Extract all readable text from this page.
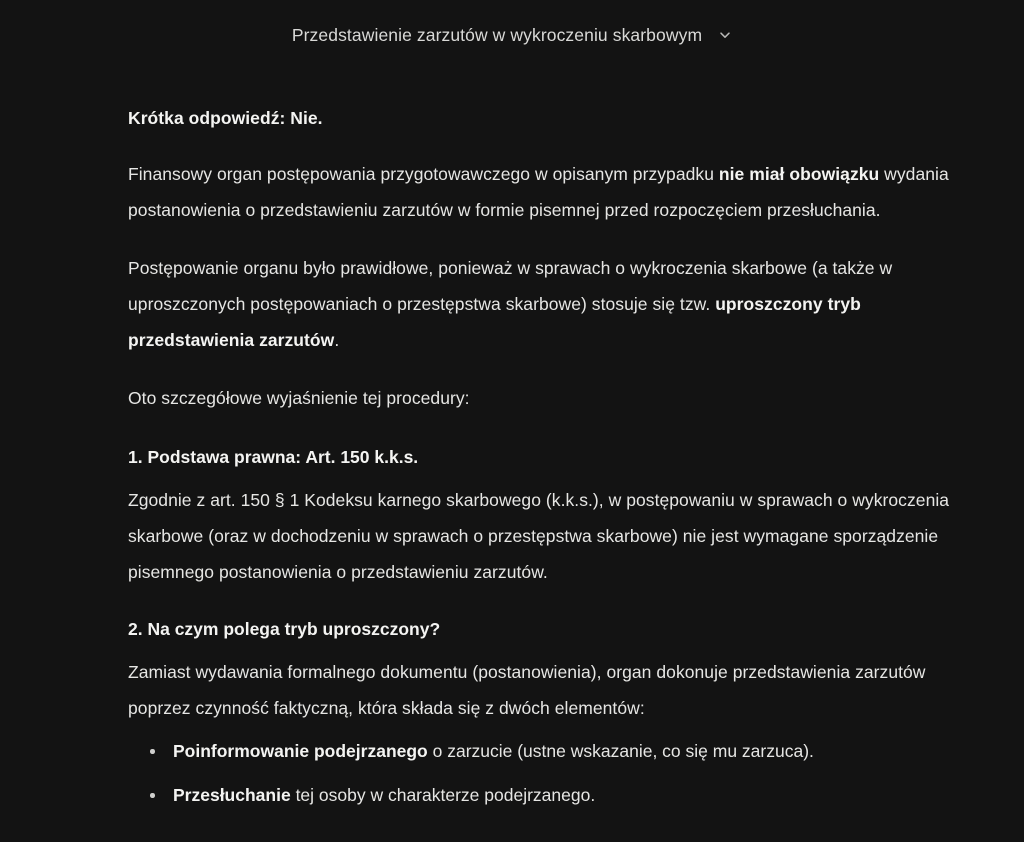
Przedstawienie zarzutów w wykroczeniu skarbowym

Krótka odpowiedź: Nie.

Finansowy organ postępowania przygotowawczego w opisanym przypadku nie miał obowiązku wydania postanowienia o przedstawieniu zarzutów w formie pisemnej przed rozpoczęciem przesłuchania.

Postępowanie organu było prawidłowe, ponieważ w sprawach o wykroczenia skarbowe (a także w uproszczonych postępowaniach o przestępstwa skarbowe) stosuje się tzw. uproszczony tryb przedstawienia zarzutów.

Oto szczegółowe wyjaśnienie tej procedury:

1. Podstawa prawna: Art. 150 k.k.s.

Zgodnie z art. 150 § 1 Kodeksu karnego skarbowego (k.k.s.), w postępowaniu w sprawach o wykroczenia skarbowe (oraz w dochodzeniu w sprawach o przestępstwa skarbowe) nie jest wymagane sporządzenie pisemnego postanowienia o przedstawieniu zarzutów.

2. Na czym polega tryb uproszczony?

Zamiast wydawania formalnego dokumentu (postanowienia), organ dokonuje przedstawienia zarzutów poprzez czynność faktyczną, która składa się z dwóch elementów:

Poinformowanie podejrzanego o zarzucie (ustne wskazanie, co się mu zarzuca).
Przesłuchanie tej osoby w charakterze podejrzanego.
